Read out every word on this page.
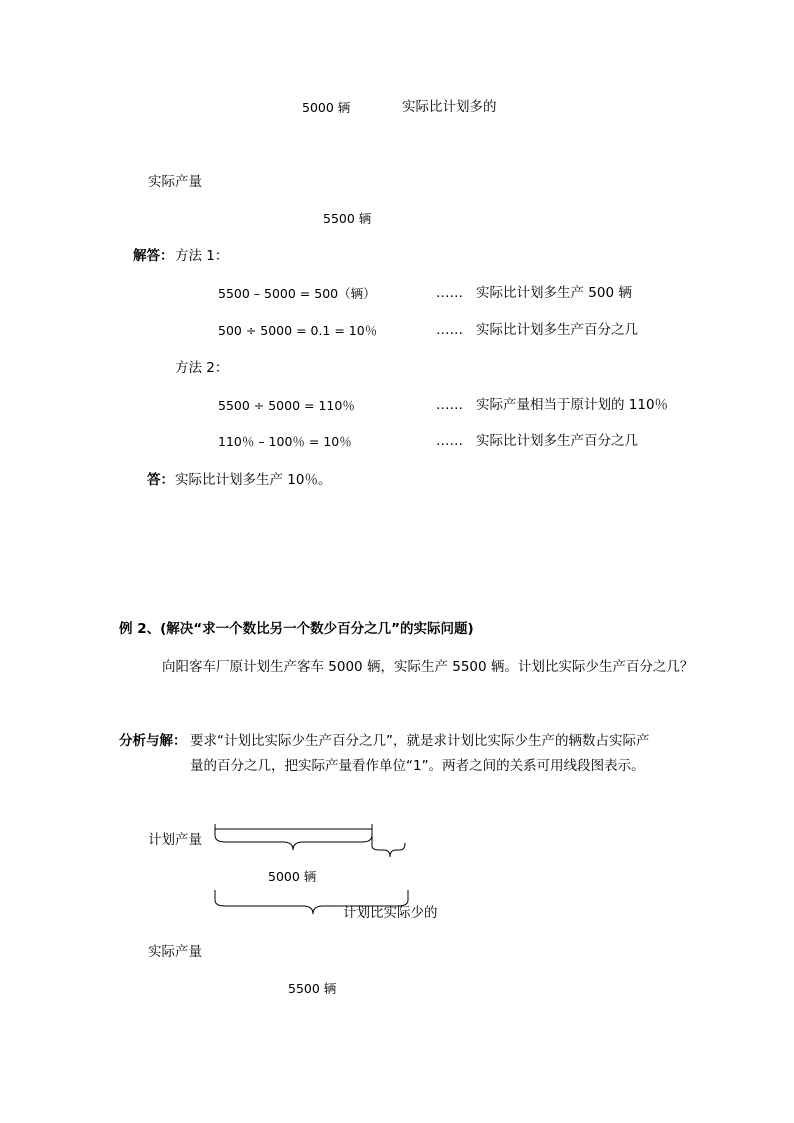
5000 辆	实际比计划多的
实际产量
5500 辆
解答： 方法 1：
5500 – 5000 = 500（辆）	…… 实际比计划多生产 500 辆
500 ÷ 5000 = 0.1 = 10％	…… 实际比计划多生产百分之几
方法 2：
5500 ÷ 5000 = 110％	…… 实际产量相当于原计划的 110％
110％ – 100％ = 10％	…… 实际比计划多生产百分之几
答： 实际比计划多生产 10％。
例 2、(解决“求一个数比另一个数少百分之几”的实际问题)
向阳客车厂原计划生产客车 5000 辆，实际生产 5500 辆。计划比实际少生产百分之几？
分析与解： 要求“计划比实际少生产百分之几”，就是求计划比实际少生产的辆数占实际产
量的百分之几，把实际产量看作单位“1”。两者之间的关系可用线段图表示。
计划产量
5000 辆
计划比实际少的
实际产量
5500 辆
